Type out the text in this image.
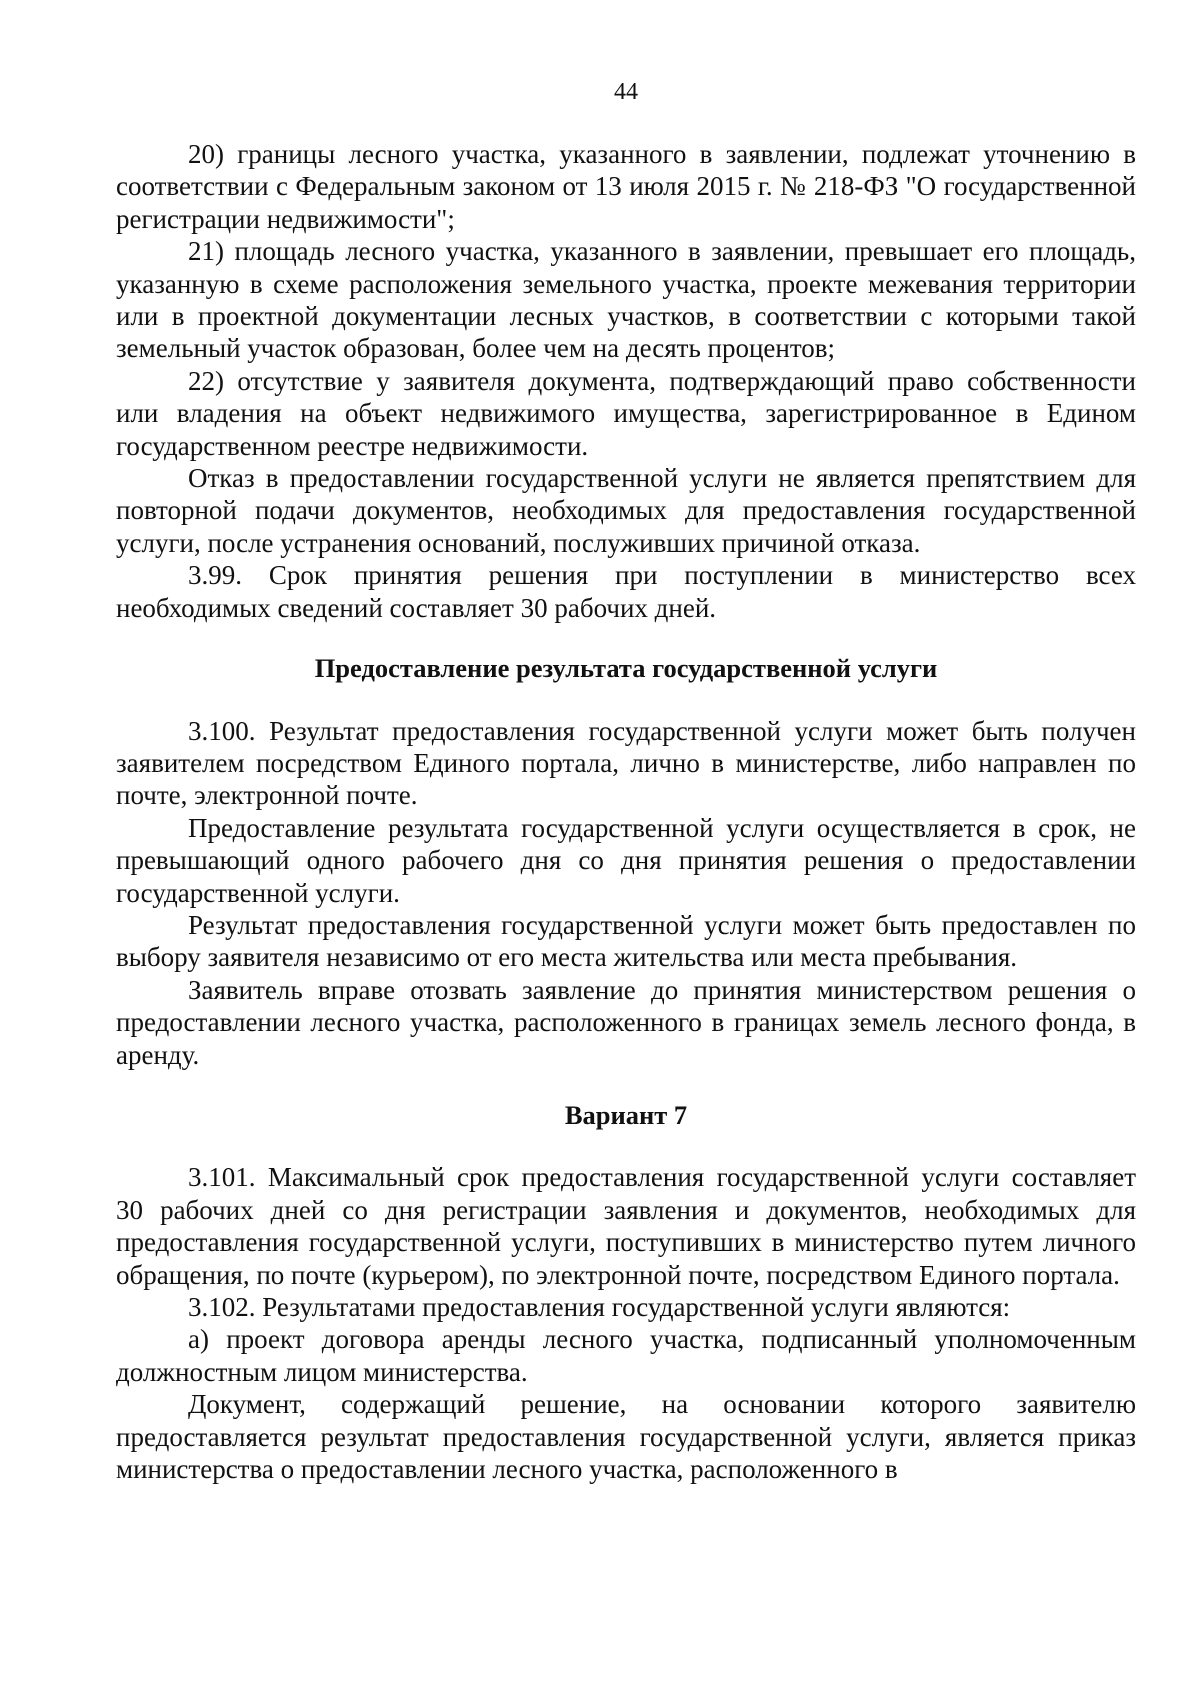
44

20) границы лесного участка, указанного в заявлении, подлежат уточнению в соответствии с Федеральным законом от 13 июля 2015 г. № 218-ФЗ "О государственной регистрации недвижимости";

21) площадь лесного участка, указанного в заявлении, превышает его площадь, указанную в схеме расположения земельного участка, проекте межевания территории или в проектной документации лесных участков, в соответствии с которыми такой земельный участок образован, более чем на десять процентов;

22) отсутствие у заявителя документа, подтверждающий право собственности или владения на объект недвижимого имущества, зарегистрированное в Едином государственном реестре недвижимости.

Отказ в предоставлении государственной услуги не является препятствием для повторной подачи документов, необходимых для предоставления государственной услуги, после устранения оснований, послуживших причиной отказа.

3.99. Срок принятия решения при поступлении в министерство всех необходимых сведений составляет 30 рабочих дней.

Предоставление результата государственной услуги

3.100. Результат предоставления государственной услуги может быть получен заявителем посредством Единого портала, лично в министерстве, либо направлен по почте, электронной почте.

Предоставление результата государственной услуги осуществляется в срок, не превышающий одного рабочего дня со дня принятия решения о предоставлении государственной услуги.

Результат предоставления государственной услуги может быть предоставлен по выбору заявителя независимо от его места жительства или места пребывания.

Заявитель вправе отозвать заявление до принятия министерством решения о предоставлении лесного участка, расположенного в границах земель лесного фонда, в аренду.

Вариант 7

3.101. Максимальный срок предоставления государственной услуги составляет 30 рабочих дней со дня регистрации заявления и документов, необходимых для предоставления государственной услуги, поступивших в министерство путем личного обращения, по почте (курьером), по электронной почте, посредством Единого портала.

3.102. Результатами предоставления государственной услуги являются:

а) проект договора аренды лесного участка, подписанный уполномоченным должностным лицом министерства.

Документ, содержащий решение, на основании которого заявителю предоставляется результат предоставления государственной услуги, является приказ министерства о предоставлении лесного участка, расположенного в
